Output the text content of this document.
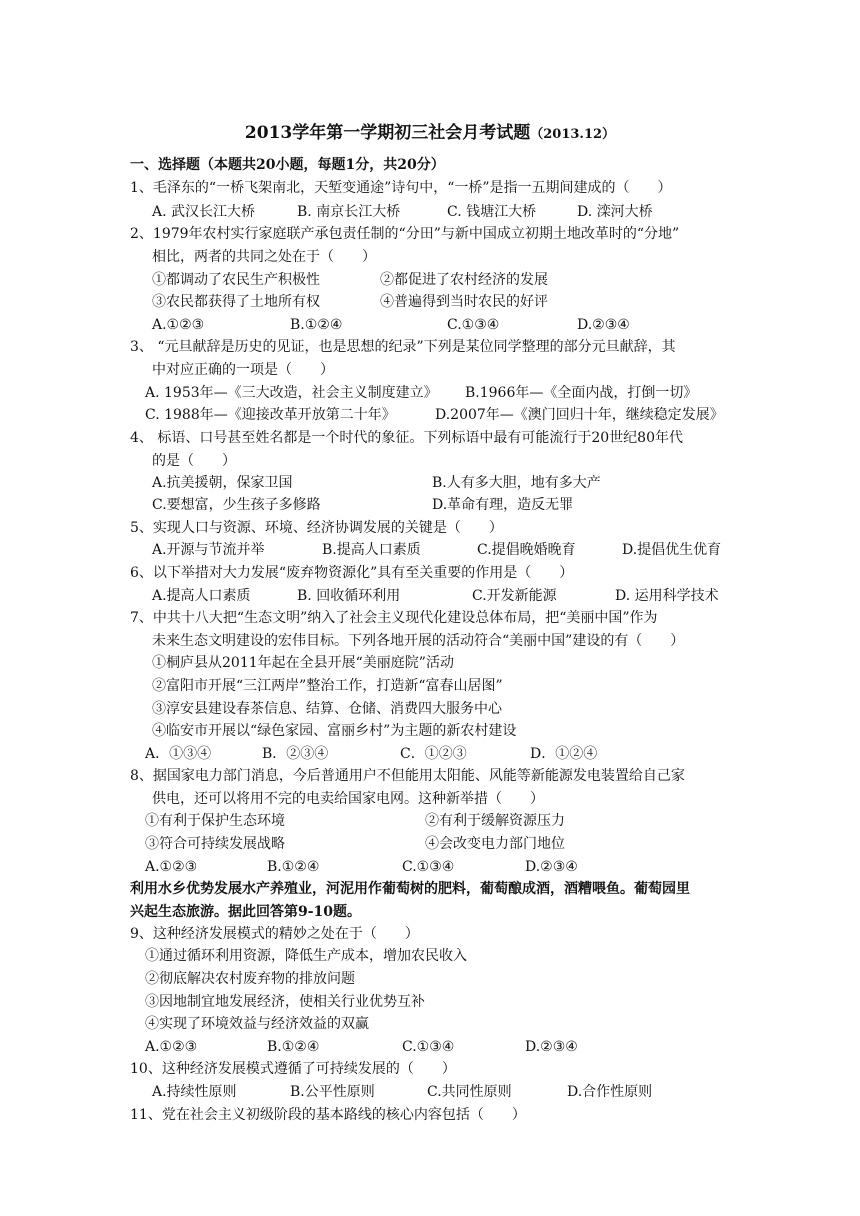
2013学年第一学期初三社会月考试题（2013.12）
一、选择题（本题共20小题，每题1分，共20分）
1、毛泽东的“一桥飞架南北，天堑变通途”诗句中，“一桥”是指一五期间建成的（　　）
A. 武汉长江大桥	B. 南京长江大桥	C. 钱塘江大桥	D. 滦河大桥
2、1979年农村实行家庭联产承包责任制的“分田”与新中国成立初期土地改革时的“分地”
相比，两者的共同之处在于（　　）
①都调动了农民生产积极性	②都促进了农村经济的发展
③农民都获得了土地所有权	④普遍得到当时农民的好评
A.①②③	B.①②④	C.①③④	D.②③④
3、 “元旦献辞是历史的见证，也是思想的纪录”下列是某位同学整理的部分元旦献辞，其
中对应正确的一项是（　　）
A. 1953年—《三大改造，社会主义制度建立》 B.1966年—《全面内战，打倒一切》
C. 1988年—《迎接改革开放第二十年》	D.2007年—《澳门回归十年，继续稳定发展》
4、 标语、口号甚至姓名都是一个时代的象征。下列标语中最有可能流行于20世纪80年代
的是（　　）
A.抗美援朝，保家卫国	B.人有多大胆，地有多大产
C.要想富，少生孩子多修路	D.革命有理，造反无罪
5、实现人口与资源、环境、经济协调发展的关键是（　　）
A.开源与节流并举	B.提高人口素质	C.提倡晚婚晚育	D.提倡优生优育
6、以下举措对大力发展“废弃物资源化”具有至关重要的作用是（　　）
A.提高人口素质	B. 回收循环利用	C.开发新能源	D. 运用科学技术
7、中共十八大把“生态文明”纳入了社会主义现代化建设总体布局，把“美丽中国”作为
未来生态文明建设的宏伟目标。下列各地开展的活动符合“美丽中国”建设的有（　　）
①桐庐县从2011年起在全县开展“美丽庭院”活动
②富阳市开展“三江两岸”整治工作，打造新“富春山居图”
③淳安县建设春茶信息、结算、仓储、消费四大服务中心
④临安市开展以“绿色家园、富丽乡村”为主题的新农村建设
A．①③④	B．②③④	C．①②③	D．①②④
8、据国家电力部门消息，今后普通用户不但能用太阳能、风能等新能源发电装置给自己家
供电，还可以将用不完的电卖给国家电网。这种新举措（　　）
①有利于保护生态环境	②有利于缓解资源压力
③符合可持续发展战略	④会改变电力部门地位
A.①②③	B.①②④	C.①③④	D.②③④
利用水乡优势发展水产养殖业，河泥用作葡萄树的肥料，葡萄酿成酒，酒糟喂鱼。葡萄园里
兴起生态旅游。据此回答第9-10题。
9、这种经济发展模式的精妙之处在于（　　）
①通过循环利用资源，降低生产成本，增加农民收入
②彻底解决农村废弃物的排放问题
③因地制宜地发展经济，使相关行业优势互补
④实现了环境效益与经济效益的双赢
A.①②③	B.①②④	C.①③④	D.②③④
10、这种经济发展模式遵循了可持续发展的（　　）
A.持续性原则	B.公平性原则	C.共同性原则	D.合作性原则
11、党在社会主义初级阶段的基本路线的核心内容包括（　　）
